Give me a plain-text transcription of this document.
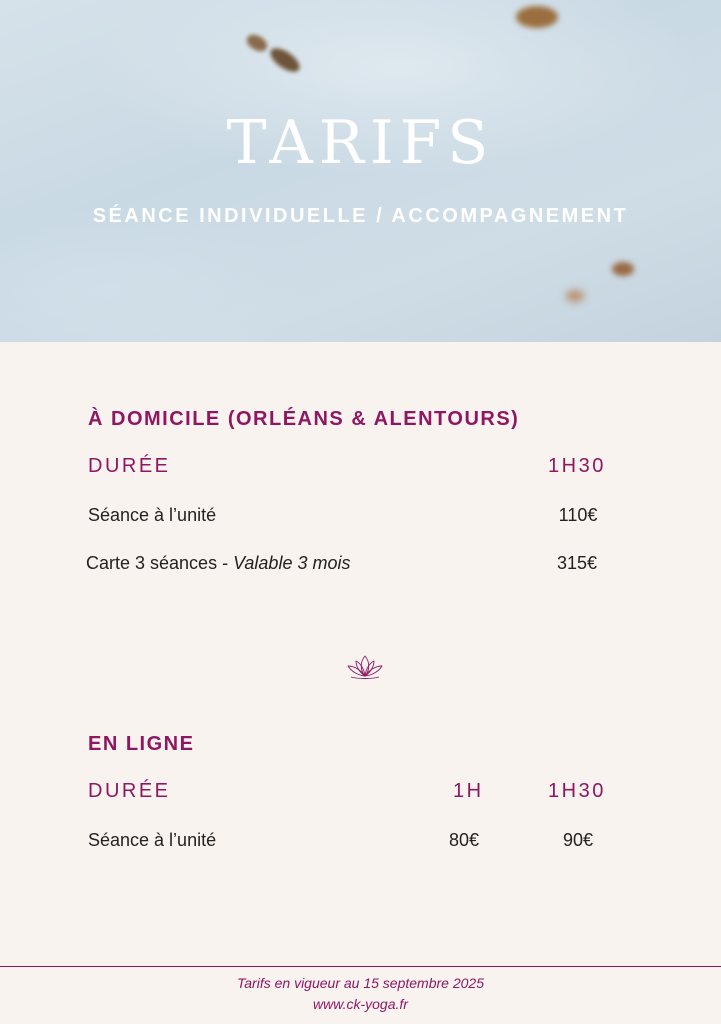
TARIFS
SÉANCE INDIVIDUELLE / ACCOMPAGNEMENT
À DOMICILE (ORLÉANS & ALENTOURS)
DURÉE	1H30
Séance à l’unité	110€
Carte 3 séances - Valable 3 mois	315€
EN LIGNE
DURÉE	1H	1H30
Séance à l’unité	80€	90€
Tarifs en vigueur au 15 septembre 2025
www.ck-yoga.fr
